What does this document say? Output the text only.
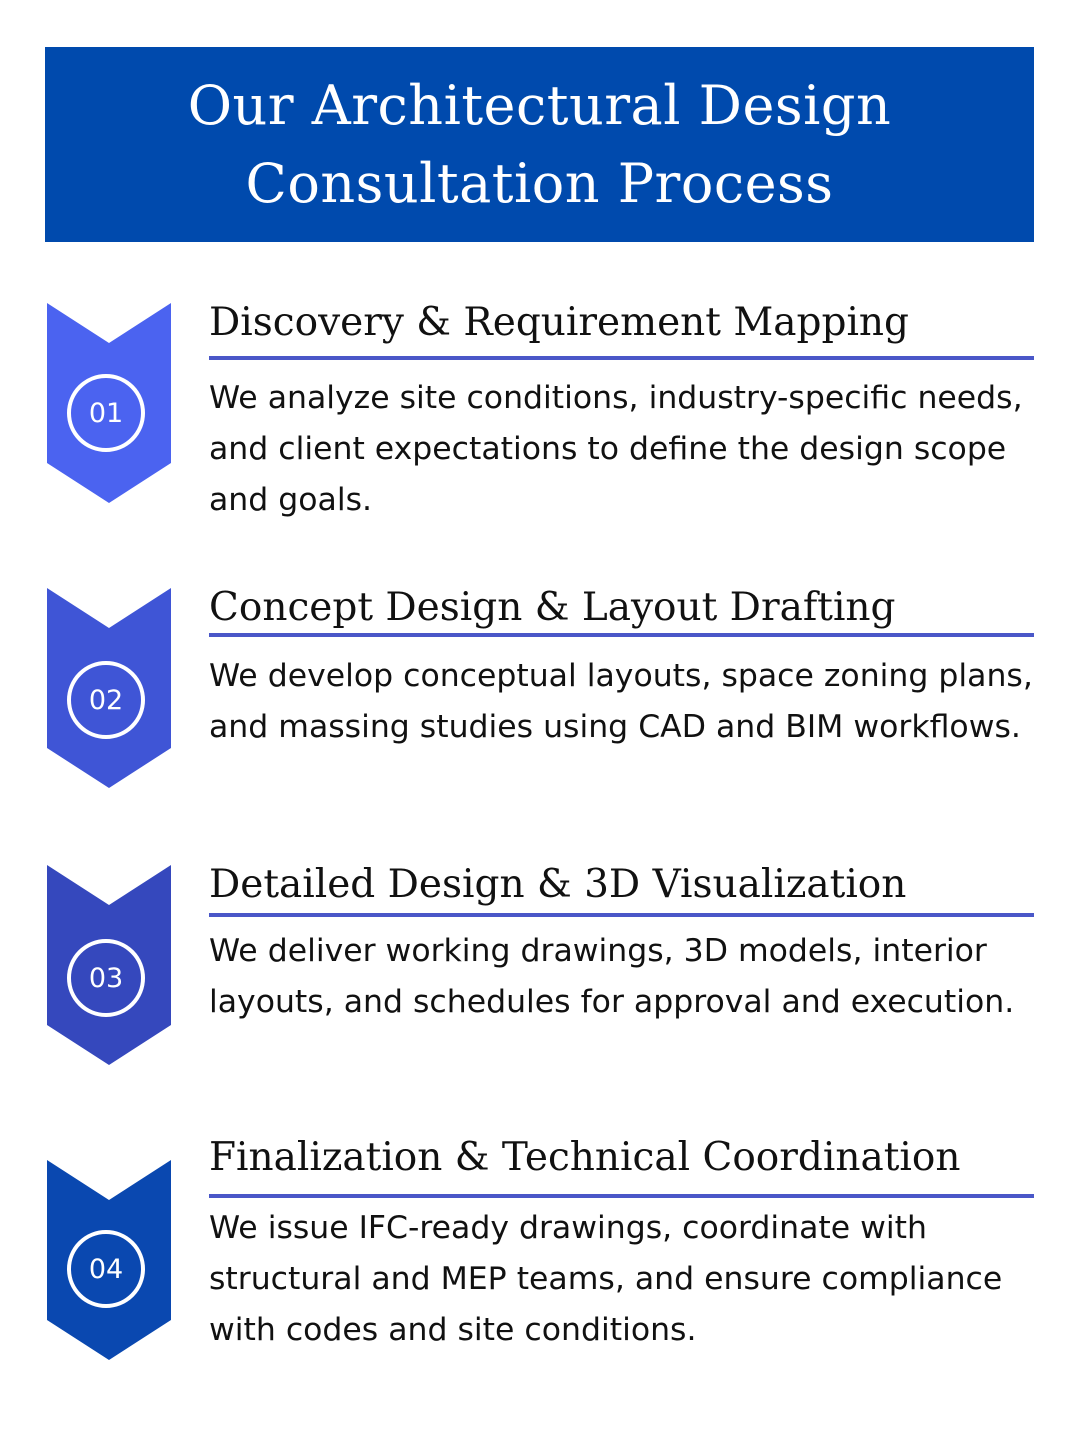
Our Architectural Design Consultation Process
01
Discovery & Requirement Mapping

We analyze site conditions, industry-specific needs, and client expectations to define the design scope and goals.

02
Concept Design & Layout Drafting

We develop conceptual layouts, space zoning plans, and massing studies using CAD and BIM workflows.

03
Detailed Design & 3D Visualization

We deliver working drawings, 3D models, interior layouts, and schedules for approval and execution.

04
Finalization & Technical Coordination

We issue IFC-ready drawings, coordinate with structural and MEP teams, and ensure compliance with codes and site conditions.
